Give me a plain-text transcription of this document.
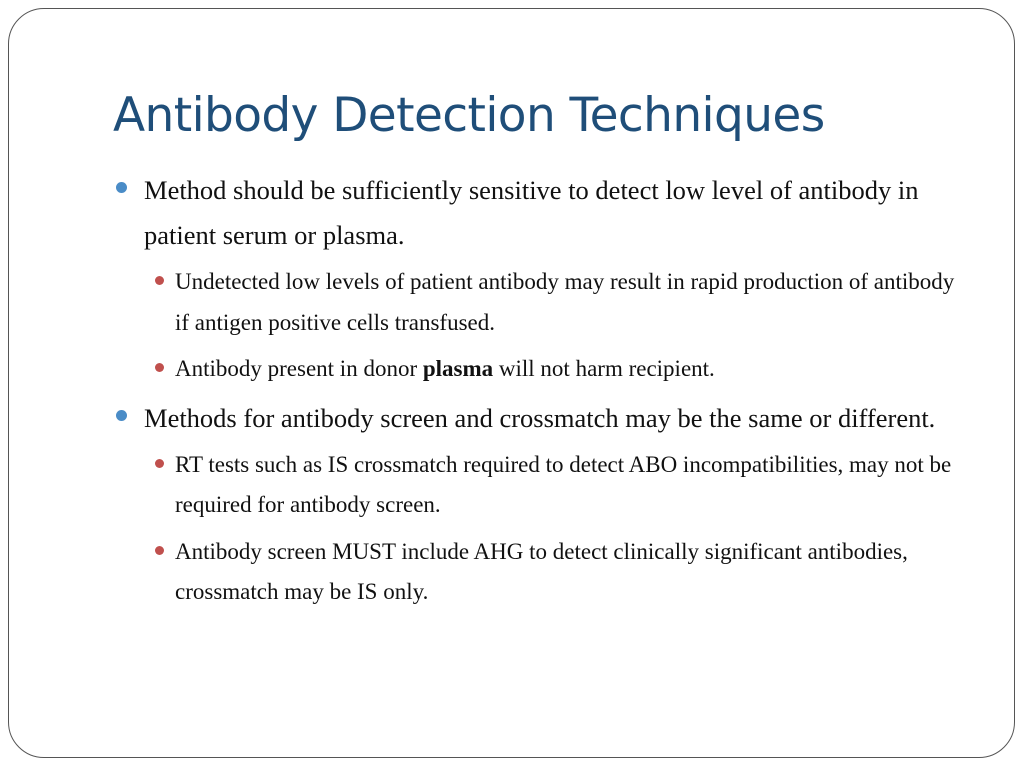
Antibody Detection Techniques
Method should be sufficiently sensitive to detect low level of antibody in patient serum or plasma.
Undetected low levels of patient antibody may result in rapid production of antibody if antigen positive cells transfused.
Antibody present in donor plasma will not harm recipient.
Methods for antibody screen and crossmatch may be the same or different.
RT tests such as IS crossmatch required to detect ABO incompatibilities, may not be required for antibody screen.
Antibody screen MUST include AHG to detect clinically significant antibodies, crossmatch may be IS only.
